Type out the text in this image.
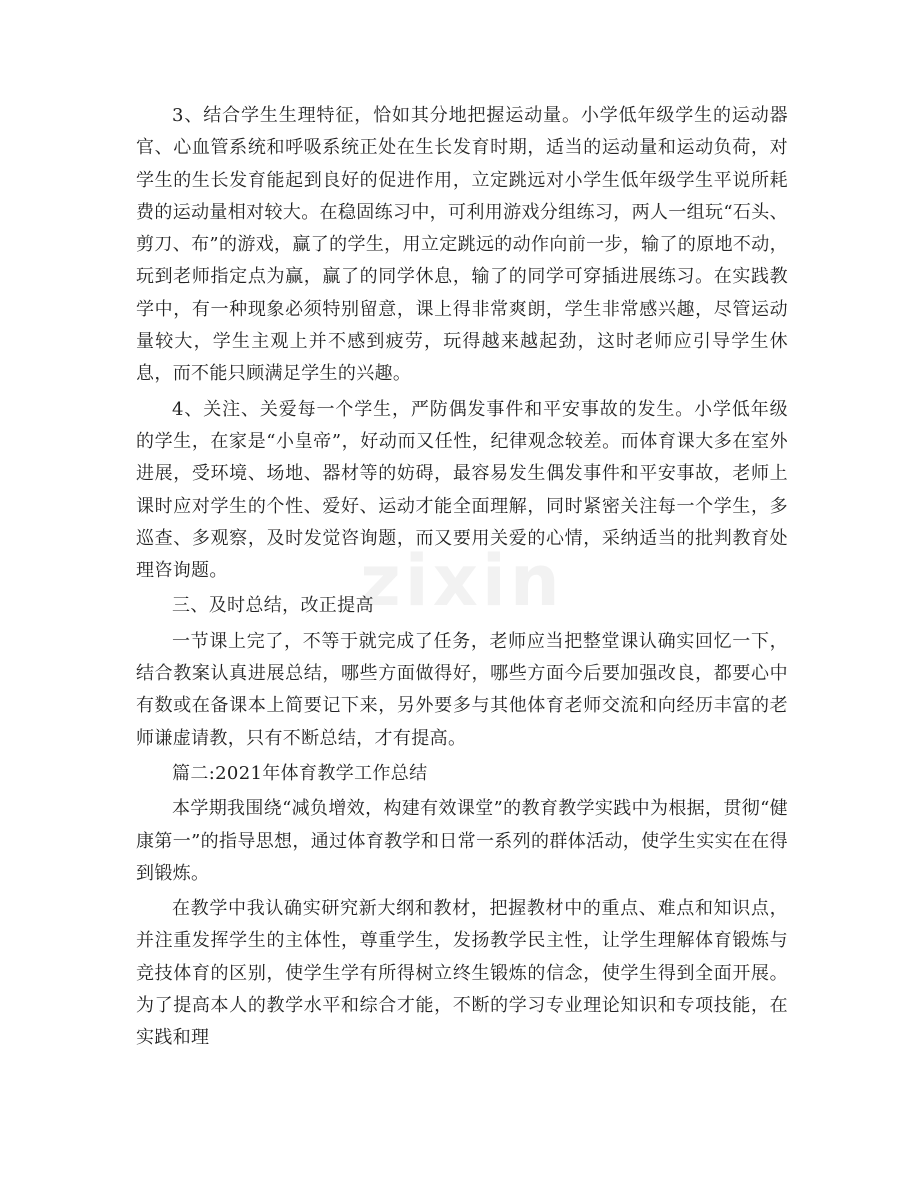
zixin

3、结合学生生理特征，恰如其分地把握运动量。小学低年级学生的运动器官、心血管系统和呼吸系统正处在生长发育时期，适当的运动量和运动负荷，对学生的生长发育能起到良好的促进作用，立定跳远对小学生低年级学生平说所耗费的运动量相对较大。在稳固练习中，可利用游戏分组练习，两人一组玩“石头、剪刀、布”的游戏，赢了的学生，用立定跳远的动作向前一步，输了的原地不动，玩到老师指定点为赢，赢了的同学休息，输了的同学可穿插进展练习。在实践教学中，有一种现象必须特别留意，课上得非常爽朗，学生非常感兴趣，尽管运动量较大，学生主观上并不感到疲劳，玩得越来越起劲，这时老师应引导学生休息，而不能只顾满足学生的兴趣。

4、关注、关爱每一个学生，严防偶发事件和平安事故的发生。小学低年级的学生，在家是“小皇帝”，好动而又任性，纪律观念较差。而体育课大多在室外进展，受环境、场地、器材等的妨碍，最容易发生偶发事件和平安事故，老师上课时应对学生的个性、爱好、运动才能全面理解，同时紧密关注每一个学生，多巡查、多观察，及时发觉咨询题，而又要用关爱的心情，采纳适当的批判教育处理咨询题。

三、及时总结，改正提高

一节课上完了，不等于就完成了任务，老师应当把整堂课认确实回忆一下，结合教案认真进展总结，哪些方面做得好，哪些方面今后要加强改良，都要心中有数或在备课本上简要记下来，另外要多与其他体育老师交流和向经历丰富的老师谦虚请教，只有不断总结，才有提高。

篇二:2021年体育教学工作总结

本学期我围绕“减负增效，构建有效课堂”的教育教学实践中为根据，贯彻“健康第一”的指导思想，通过体育教学和日常一系列的群体活动，使学生实实在在得到锻炼。

在教学中我认确实研究新大纲和教材，把握教材中的重点、难点和知识点，并注重发挥学生的主体性，尊重学生，发扬教学民主性，让学生理解体育锻炼与竞技体育的区别，使学生学有所得树立终生锻炼的信念，使学生得到全面开展。为了提高本人的教学水平和综合才能，不断的学习专业理论知识和专项技能，在实践和理
